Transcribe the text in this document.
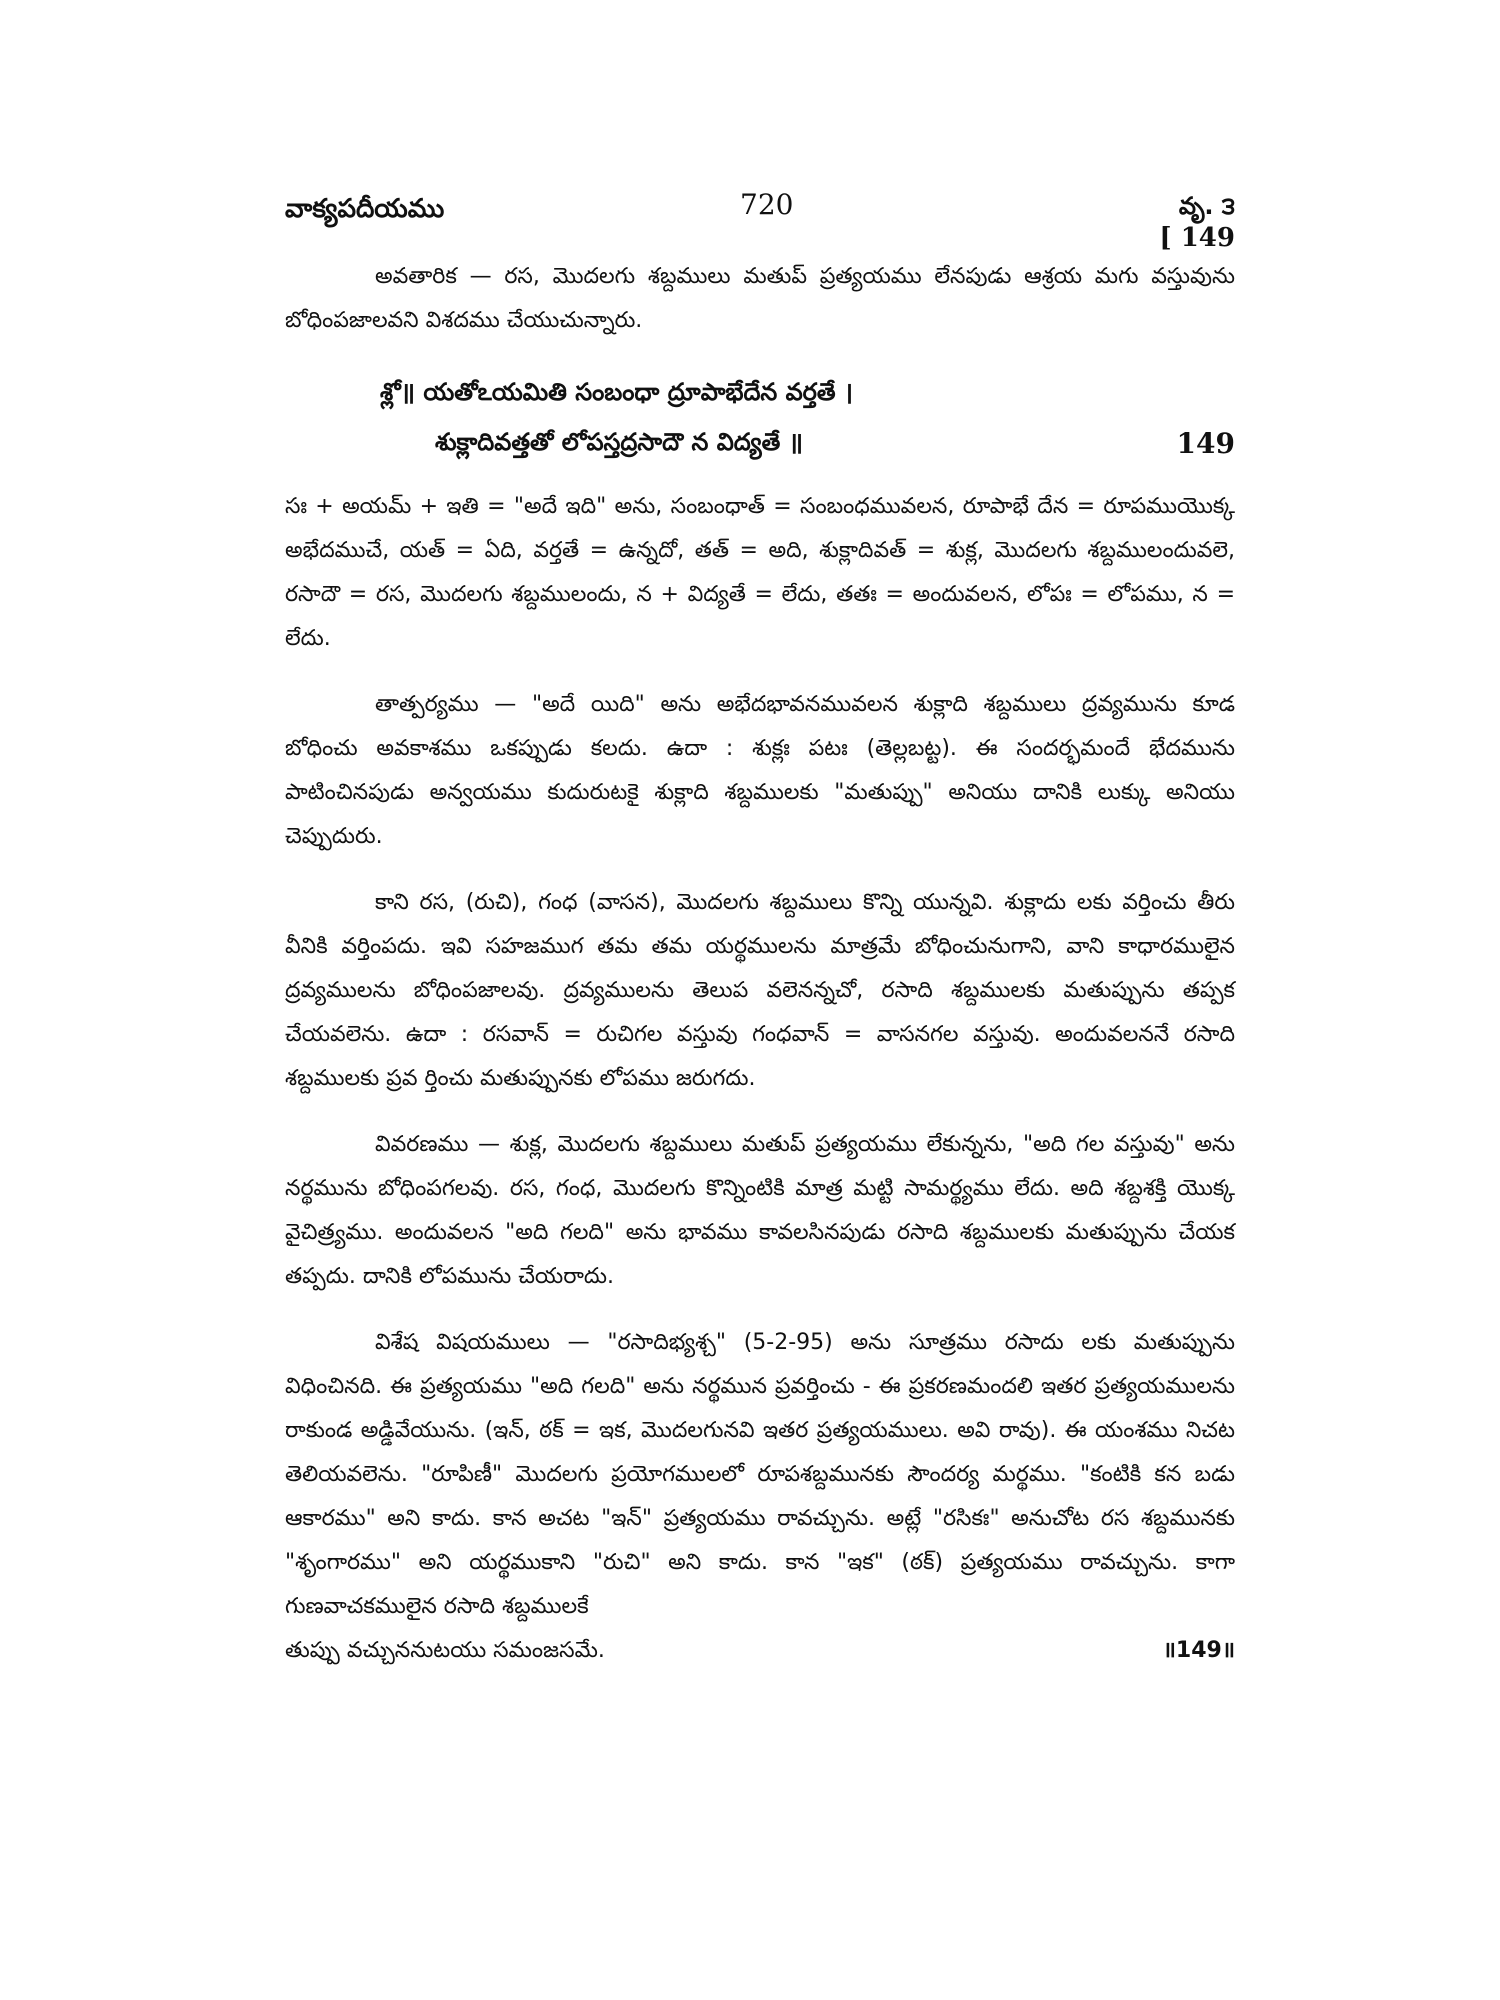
వాక్యపదీయము	720	వృ. ౩
[ 149

అవతారిక — రస, మొదలగు శబ్దములు మతుప్ ప్రత్యయము లేనపుడు ఆశ్రయ మగు వస్తువును బోధింపజాలవని విశదము చేయుచున్నారు.

శ్లో॥ యతోఽయమితి సంబంధా ద్రూపాభేదేన వర్తతే ।
శుక్లాదివత్తతో లోపస్తద్రసాదౌ న విద్యతే ॥	149

సః + అయమ్ + ఇతి = "అదే ఇది" అను, సంబంధాత్ = సంబంధమువలన, రూపాభే దేన = రూపముయొక్క అభేదముచే, యత్ = ఏది, వర్తతే = ఉన్నదో, తత్ = అది, శుక్లాదివత్ = శుక్ల, మొదలగు శబ్దములందువలె, రసాదౌ = రస, మొదలగు శబ్దములందు, న + విద్యతే = లేదు, తతః = అందువలన, లోపః = లోపము, న = లేదు.

తాత్పర్యము — "అదే యిది" అను అభేదభావనమువలన శుక్లాది శబ్దములు ద్రవ్యమును కూడ బోధించు అవకాశము ఒకప్పుడు కలదు. ఉదా : శుక్లః పటః (తెల్లబట్ట). ఈ సందర్భమందే భేదమును పాటించినపుడు అన్వయము కుదురుటకై శుక్లాది శబ్దములకు "మతుప్పు" అనియు దానికి లుక్కు అనియు చెప్పుదురు.

కాని రస, (రుచి), గంధ (వాసన), మొదలగు శబ్దములు కొన్ని యున్నవి. శుక్లాదు లకు వర్తించు తీరు వీనికి వర్తింపదు. ఇవి సహజముగ తమ తమ యర్థములను మాత్రమే బోధించునుగాని, వాని కాధారములైన ద్రవ్యములను బోధింపజాలవు. ద్రవ్యములను తెలుప వలెనన్నచో, రసాది శబ్దములకు మతుప్పును తప్పక చేయవలెను. ఉదా : రసవాన్ = రుచిగల వస్తువు గంధవాన్ = వాసనగల వస్తువు. అందువలననే రసాది శబ్దములకు ప్రవ ర్తించు మతుప్పునకు లోపము జరుగదు.

వివరణము — శుక్ల, మొదలగు శబ్దములు మతుప్ ప్రత్యయము లేకున్నను, "అది గల వస్తువు" అను నర్థమును బోధింపగలవు. రస, గంధ, మొదలగు కొన్నింటికి మాత్ర మట్టి సామర్థ్యము లేదు. అది శబ్దశక్తి యొక్క వైచిత్ర్యము. అందువలన "అది గలది" అను భావము కావలసినపుడు రసాది శబ్దములకు మతుప్పును చేయక తప్పదు. దానికి లోపమును చేయరాదు.

విశేష విషయములు — "రసాదిభ్యశ్చ" (5-2-95) అను సూత్రము రసాదు లకు మతుప్పును విధించినది. ఈ ప్రత్యయము "అది గలది" అను నర్థమున ప్రవర్తించు - ఈ ప్రకరణమందలి ఇతర ప్రత్యయములను రాకుండ అడ్డివేయును. (ఇన్, ఠక్ = ఇక, మొదలగునవి ఇతర ప్రత్యయములు. అవి రావు). ఈ యంశము నిచట తెలియవలెను. "రూపిణీ" మొదలగు ప్రయోగములలో రూపశబ్దమునకు సౌందర్య మర్థము. "కంటికి కన బడు ఆకారము" అని కాదు. కాన అచట "ఇన్" ప్రత్యయము రావచ్చును. అట్లే "రసికః" అనుచోట రస శబ్దమునకు "శృంగారము" అని యర్థముకాని "రుచి" అని కాదు. కాన "ఇక" (ఠక్) ప్రత్యయము రావచ్చును. కాగా గుణవాచకములైన రసాది శబ్దములకే

తుప్పు వచ్చుననుటయు సమంజసమే.	॥149॥
